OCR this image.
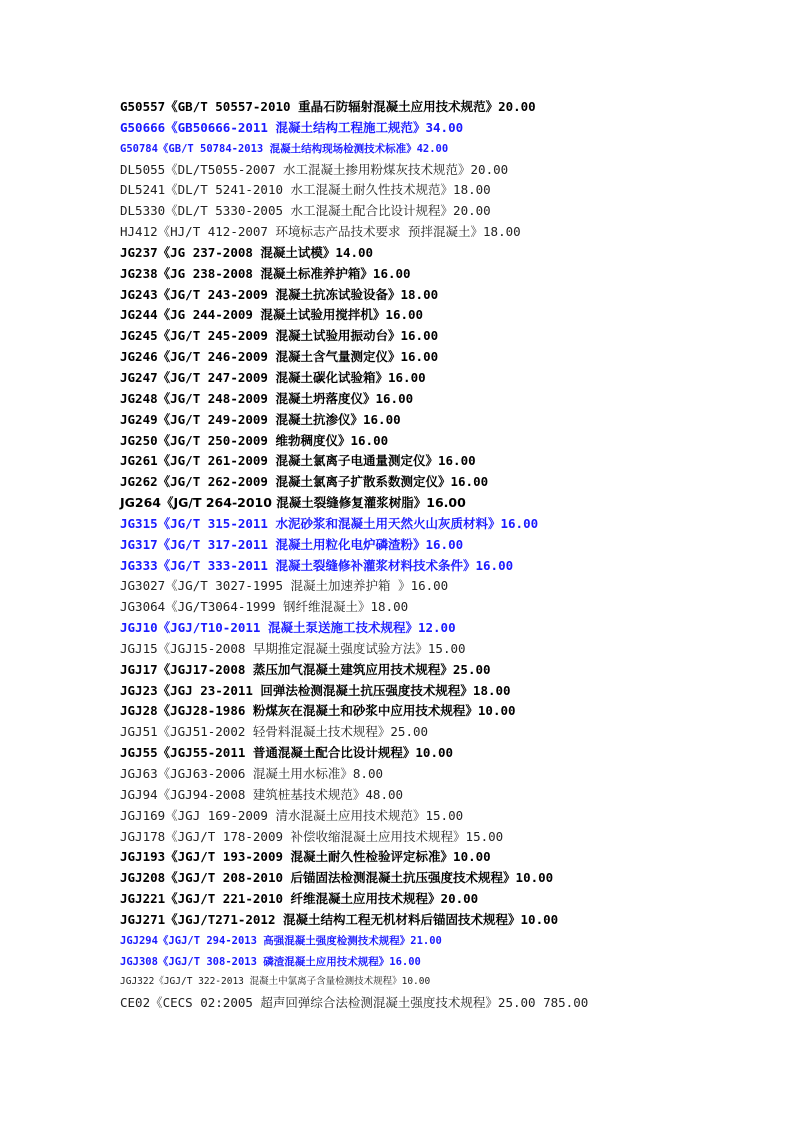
G50557《GB/T 50557-2010 重晶石防辐射混凝土应用技术规范》20.00
G50666《GB50666-2011 混凝土结构工程施工规范》34.00
G50784《GB/T 50784-2013 混凝土结构现场检测技术标准》42.00
DL5055《DL/T5055-2007 水工混凝土掺用粉煤灰技术规范》20.00
DL5241《DL/T 5241-2010 水工混凝土耐久性技术规范》18.00
DL5330《DL/T 5330-2005 水工混凝土配合比设计规程》20.00
HJ412《HJ/T 412-2007 环境标志产品技术要求 预拌混凝土》18.00
JG237《JG 237-2008 混凝土试模》14.00
JG238《JG 238-2008 混凝土标准养护箱》16.00
JG243《JG/T 243-2009 混凝土抗冻试验设备》18.00
JG244《JG 244-2009 混凝土试验用搅拌机》16.00
JG245《JG/T 245-2009 混凝土试验用振动台》16.00
JG246《JG/T 246-2009 混凝土含气量测定仪》16.00
JG247《JG/T 247-2009 混凝土碳化试验箱》16.00
JG248《JG/T 248-2009 混凝土坍落度仪》16.00
JG249《JG/T 249-2009 混凝土抗渗仪》16.00
JG250《JG/T 250-2009 维勃稠度仪》16.00
JG261《JG/T 261-2009 混凝土氯离子电通量测定仪》16.00
JG262《JG/T 262-2009 混凝土氯离子扩散系数测定仪》16.00
JG264《JG/T 264-2010 混凝土裂缝修复灌浆树脂》16.00
JG315《JG/T 315-2011 水泥砂浆和混凝土用天然火山灰质材料》16.00
JG317《JG/T 317-2011 混凝土用粒化电炉磷渣粉》16.00
JG333《JG/T 333-2011 混凝土裂缝修补灌浆材料技术条件》16.00
JG3027《JG/T 3027-1995 混凝土加速养护箱 》16.00
JG3064《JG/T3064-1999 钢纤维混凝土》18.00
JGJ10《JGJ/T10-2011 混凝土泵送施工技术规程》12.00
JGJ15《JGJ15-2008 早期推定混凝土强度试验方法》15.00
JGJ17《JGJ17-2008 蒸压加气混凝土建筑应用技术规程》25.00
JGJ23《JGJ 23-2011 回弹法检测混凝土抗压强度技术规程》18.00
JGJ28《JGJ28-1986 粉煤灰在混凝土和砂浆中应用技术规程》10.00
JGJ51《JGJ51-2002 轻骨料混凝土技术规程》25.00
JGJ55《JGJ55-2011 普通混凝土配合比设计规程》10.00
JGJ63《JGJ63-2006 混凝土用水标准》8.00
JGJ94《JGJ94-2008 建筑桩基技术规范》48.00
JGJ169《JGJ 169-2009 清水混凝土应用技术规范》15.00
JGJ178《JGJ/T 178-2009 补偿收缩混凝土应用技术规程》15.00
JGJ193《JGJ/T 193-2009 混凝土耐久性检验评定标准》10.00
JGJ208《JGJ/T 208-2010 后锚固法检测混凝土抗压强度技术规程》10.00
JGJ221《JGJ/T 221-2010 纤维混凝土应用技术规程》20.00
JGJ271《JGJ/T271-2012 混凝土结构工程无机材料后锚固技术规程》10.00
JGJ294《JGJ/T 294-2013 高强混凝土强度检测技术规程》21.00
JGJ308《JGJ/T 308-2013 磷渣混凝土应用技术规程》16.00
JGJ322《JGJ/T 322-2013 混凝土中氯离子含量检测技术规程》10.00
CE02《CECS 02:2005 超声回弹综合法检测混凝土强度技术规程》25.00 785.00
